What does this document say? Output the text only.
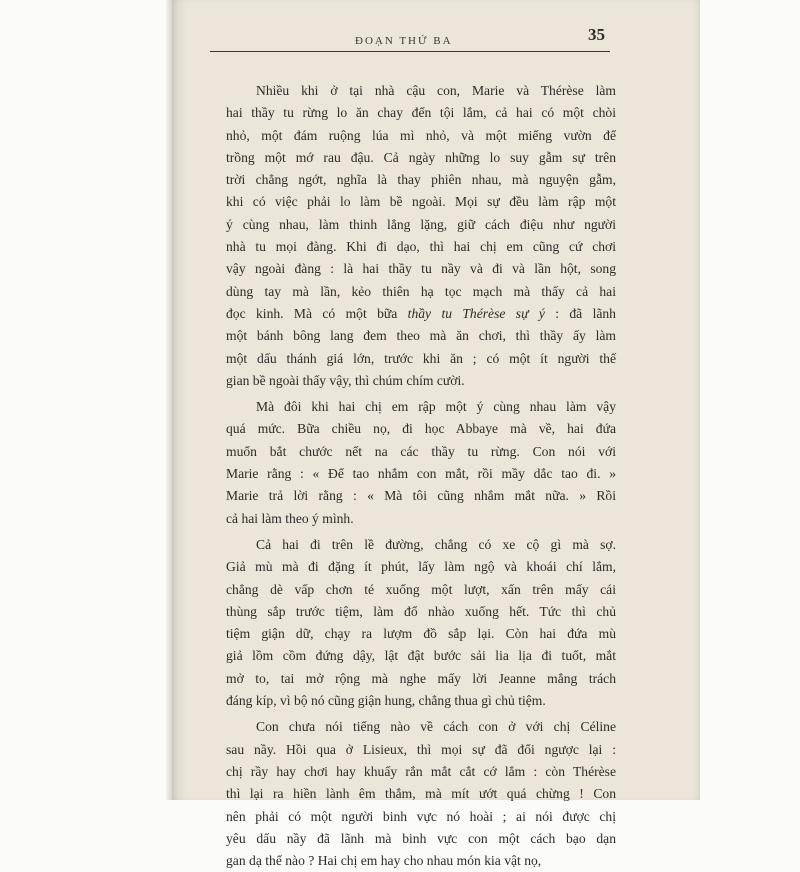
ĐOẠN THỨ BA	35
Nhiều khi ở tại nhà cậu con, Marie và Thérèse làm
hai thầy tu rừng lo ăn chay đến tội lắm, cả hai có một chòi
nhỏ, một đám ruộng lúa mì nhỏ, và một miếng vườn để
trồng một mớ rau đậu. Cả ngày những lo suy gẫm sự trên
trời chẳng ngớt, nghĩa là thay phiên nhau, mà nguyện gẫm,
khi có việc phải lo làm bề ngoài. Mọi sự đều làm rập một
ý cùng nhau, làm thinh lẳng lặng, giữ cách điệu như người
nhà tu mọi đàng. Khi đi dạo, thì hai chị em cũng cứ chơi
vậy ngoài đàng : là hai thầy tu nầy và đi và lần hột, song
dùng tay mà lần, kẻo thiên hạ tọc mạch mà thấy cả hai
đọc kinh. Mà có một bữa thầy tu Thérèse sự ý : đã lãnh
một bánh bông lang đem theo mà ăn chơi, thì thầy ấy làm
một dấu thánh giá lớn, trước khi ăn ; có một ít người thế
gian bề ngoài thấy vậy, thì chúm chím cười.
Mà đôi khi hai chị em rập một ý cùng nhau làm vậy
quá mức. Bữa chiều nọ, đi học Abbaye mà về, hai đứa
muốn bắt chước nết na các thầy tu rừng. Con nói với
Marie rằng : « Để tao nhắm con mắt, rồi mầy dắc tao đi. »
Marie trả lời rằng : « Mà tôi cũng nhắm mắt nữa. » Rồi
cả hai làm theo ý mình.
Cả hai đi trên lề đường, chẳng có xe cộ gì mà sợ.
Giả mù mà đi đặng ít phút, lấy làm ngộ và khoái chí lắm,
chẳng dè vấp chơn té xuống một lượt, xấn trên mấy cái
thùng sắp trước tiệm, làm đổ nhào xuống hết. Tức thì chủ
tiệm giận dữ, chạy ra lượm đồ sắp lại. Còn hai đứa mù
giả lồm cồm đứng dậy, lật đật bước sải lia lịa đi tuốt, mắt
mở to, tai mở rộng mà nghe mấy lời Jeanne mắng trách
đáng kíp, vì bộ nó cũng giận hung, chẳng thua gì chủ tiệm.
Con chưa nói tiếng nào về cách con ở với chị Céline
sau nầy. Hồi qua ở Lisieux, thì mọi sự đã đổi ngược lại :
chị rầy hay chơi hay khuấy rắn mắt cắt cớ lắm : còn Thérèse
thì lại ra hiền lành êm thắm, mà mít ướt quá chừng ! Con
nên phải có một người binh vực nó hoài ; ai nói được chị
yêu dấu nầy đã lãnh mà binh vực con một cách bạo dạn
gan dạ thể nào ? Hai chị em hay cho nhau món kia vật nọ,
